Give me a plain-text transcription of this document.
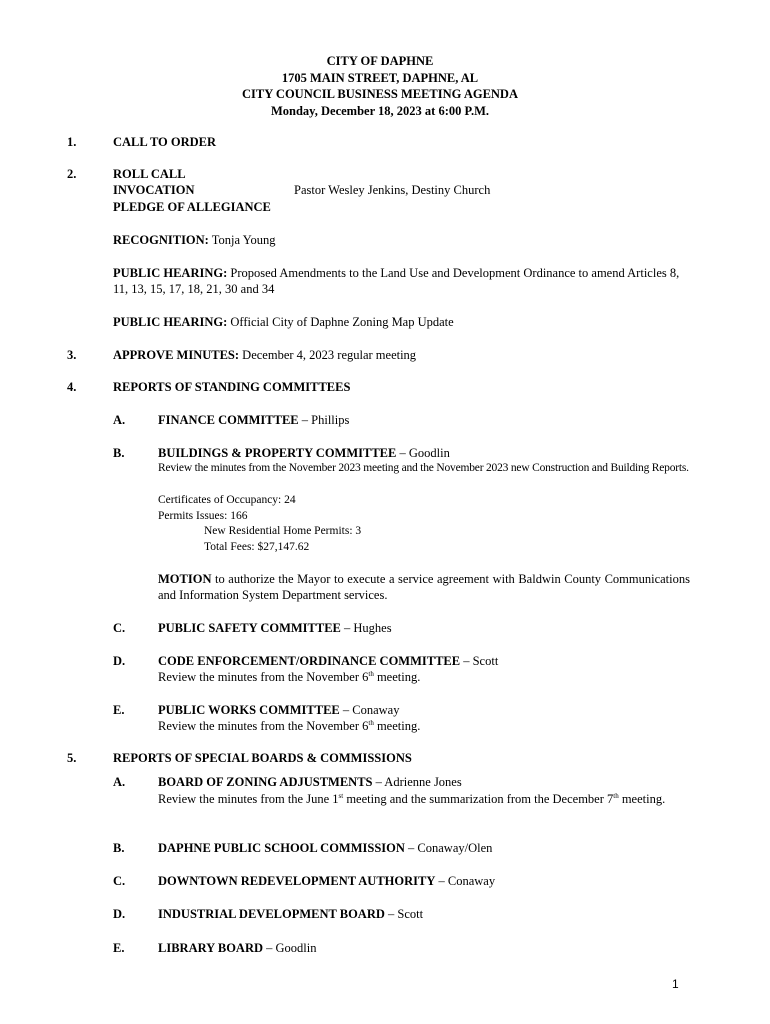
CITY OF DAPHNE
1705 MAIN STREET, DAPHNE, AL
CITY COUNCIL BUSINESS MEETING AGENDA
Monday, December 18, 2023 at 6:00 P.M.
1.	CALL TO ORDER
2.	ROLL CALL
INVOCATION	Pastor Wesley Jenkins, Destiny Church
PLEDGE OF ALLEGIANCE
RECOGNITION: Tonja Young
PUBLIC HEARING: Proposed Amendments to the Land Use and Development Ordinance to amend Articles 8, 11, 13, 15, 17, 18, 21, 30 and 34
PUBLIC HEARING: Official City of Daphne Zoning Map Update
3.	APPROVE MINUTES: December 4, 2023 regular meeting
4.	REPORTS OF STANDING COMMITTEES
A.	FINANCE COMMITTEE – Phillips
B.	BUILDINGS & PROPERTY COMMITTEE – Goodlin
Review the minutes from the November 2023 meeting and the November 2023 new Construction and Building Reports.
Certificates of Occupancy: 24
Permits Issues: 166
New Residential Home Permits: 3
Total Fees: $27,147.62
MOTION to authorize the Mayor to execute a service agreement with Baldwin County Communications and Information System Department services.
C.	PUBLIC SAFETY COMMITTEE – Hughes
D.	CODE ENFORCEMENT/ORDINANCE COMMITTEE – Scott
Review the minutes from the November 6th meeting.
E.	PUBLIC WORKS COMMITTEE – Conaway
Review the minutes from the November 6th meeting.
5.	REPORTS OF SPECIAL BOARDS & COMMISSIONS
A.	BOARD OF ZONING ADJUSTMENTS – Adrienne Jones
Review the minutes from the June 1st meeting and the summarization from the December 7th meeting.
B.	DAPHNE PUBLIC SCHOOL COMMISSION – Conaway/Olen
C.	DOWNTOWN REDEVELOPMENT AUTHORITY – Conaway
D.	INDUSTRIAL DEVELOPMENT BOARD – Scott
E.	LIBRARY BOARD – Goodlin
1
